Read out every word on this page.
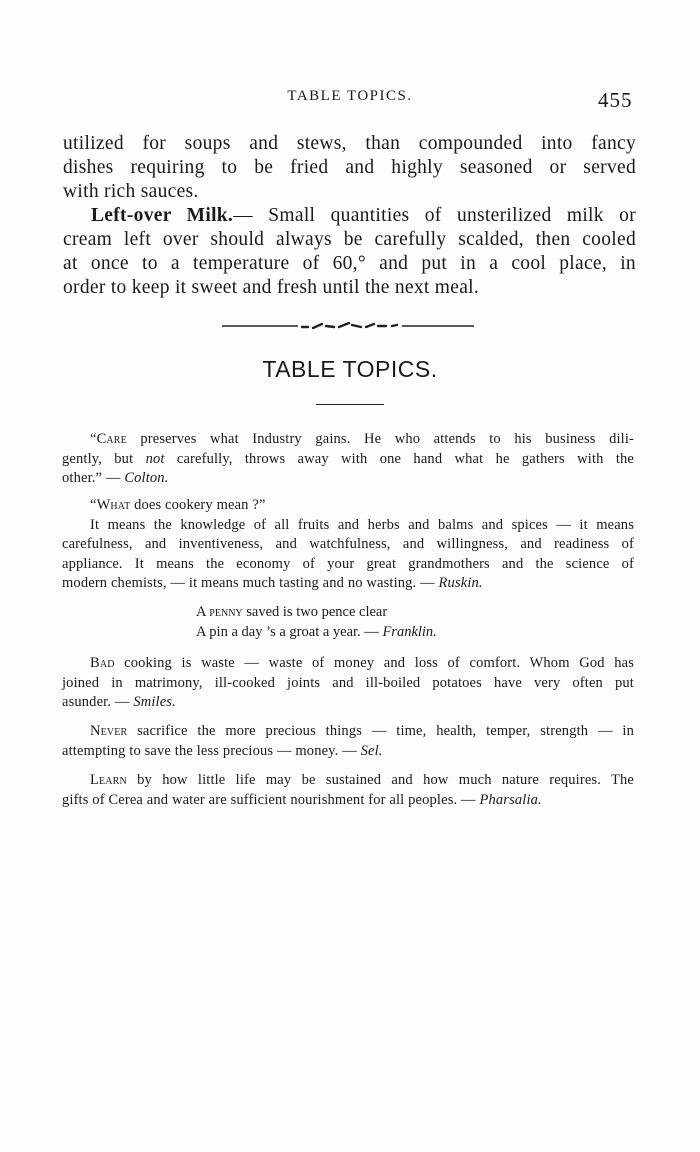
TABLE TOPICS.	455
utilized for soups and stews, than compounded into fancy
dishes requiring to be fried and highly seasoned or served
with rich sauces.
Left-over Milk.— Small quantities of unsterilized milk or
cream left over should always be carefully scalded, then cooled
at once to a temperature of 60,° and put in a cool place, in
order to keep it sweet and fresh until the next meal.
TABLE TOPICS.
“Care preserves what Industry gains. He who attends to his business dili-
gently, but not carefully, throws away with one hand what he gathers with the
other.” — Colton.
“What does cookery mean ?”
It means the knowledge of all fruits and herbs and balms and spices — it means
carefulness, and inventiveness, and watchfulness, and willingness, and readiness of
appliance. It means the economy of your great grandmothers and the science of
modern chemists, — it means much tasting and no wasting. — Ruskin.
A penny saved is two pence clear
A pin a day ’s a groat a year. — Franklin.
Bad cooking is waste — waste of money and loss of comfort. Whom God has
joined in matrimony, ill-cooked joints and ill-boiled potatoes have very often put
asunder. — Smiles.
Never sacrifice the more precious things — time, health, temper, strength — in
attempting to save the less precious — money. — Sel.
Learn by how little life may be sustained and how much nature requires. The
gifts of Cerea and water are sufficient nourishment for all peoples. — Pharsalia.
